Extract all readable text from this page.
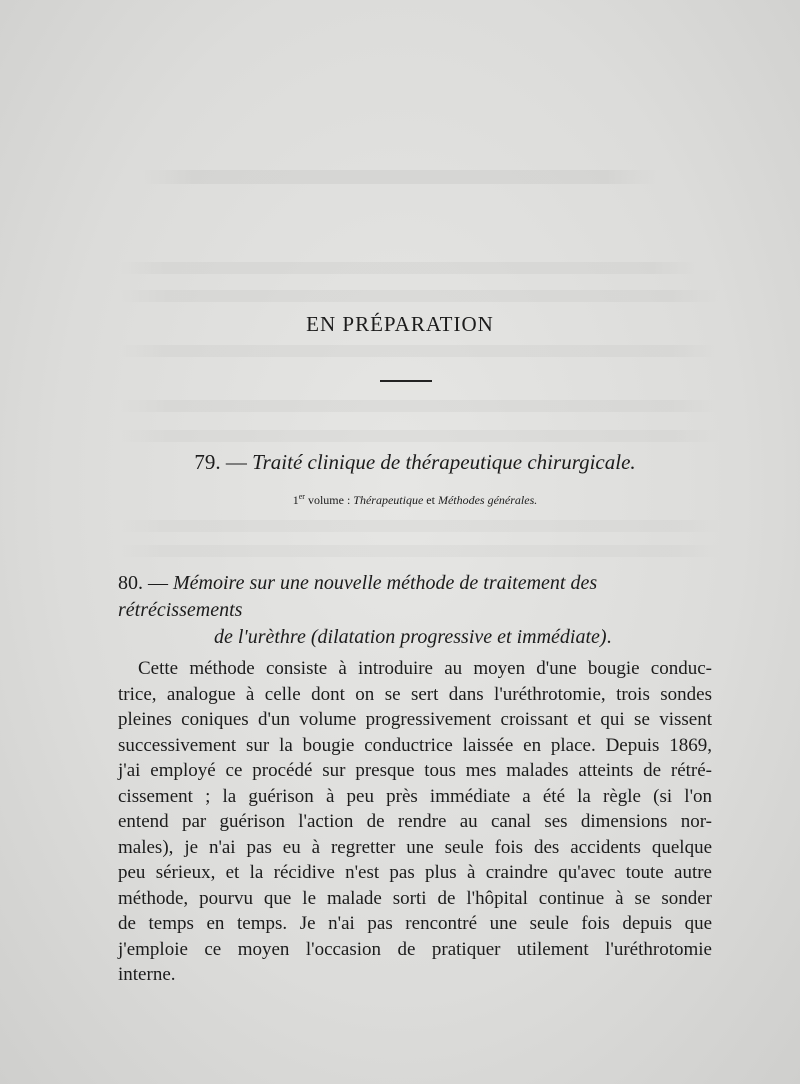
EN PRÉPARATION
79. — Traité clinique de thérapeutique chirurgicale.
1er volume : Thérapeutique et Méthodes générales.
80. — Mémoire sur une nouvelle méthode de traitement des rétrécissements
de l'urèthre (dilatation progressive et immédiate).
Cette méthode consiste à introduire au moyen d'une bougie conduc-
trice, analogue à celle dont on se sert dans l'uréthrotomie, trois sondes
pleines coniques d'un volume progressivement croissant et qui se vissent
successivement sur la bougie conductrice laissée en place. Depuis 1869,
j'ai employé ce procédé sur presque tous mes malades atteints de rétré-
cissement ; la guérison à peu près immédiate a été la règle (si l'on
entend par guérison l'action de rendre au canal ses dimensions nor-
males), je n'ai pas eu à regretter une seule fois des accidents quelque
peu sérieux, et la récidive n'est pas plus à craindre qu'avec toute autre
méthode, pourvu que le malade sorti de l'hôpital continue à se sonder
de temps en temps. Je n'ai pas rencontré une seule fois depuis que
j'emploie ce moyen l'occasion de pratiquer utilement l'uréthrotomie
interne.
